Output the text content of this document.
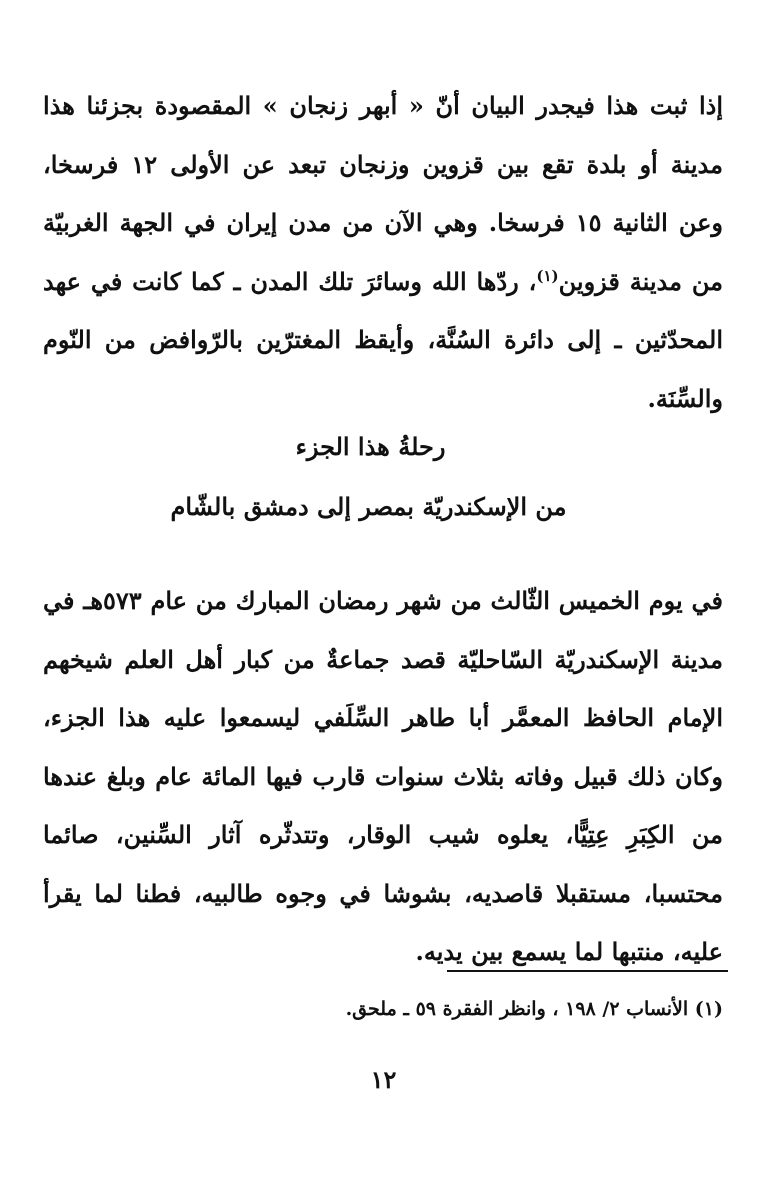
إذا ثبت هذا فيجدر البيان أنّ « أبهر زنجان » المقصودة بجزئنا هذا مدينة أو بلدة تقع بين قزوين وزنجان تبعد عن الأولى ١٢ فرسخا، وعن الثانية ١٥ فرسخا. وهي الآن من مدن إيران في الجهة الغربيّة من مدينة قزوين$^{(١)}$، ردّها الله وسائرَ تلك المدن ـ كما كانت في عهد المحدّثين ـ إلى دائرة السُنَّة، وأيقظ المغترّين بالرّوافض من النّوم والسِّنَة.

رحلةُ هذا الجزء

من الإسكندريّة بمصر إلى دمشق بالشّام

في يوم الخميس الثّالث من شهر رمضان المبارك من عام ٥٧٣هـ في مدينة الإسكندريّة السّاحليّة قصد جماعةٌ من كبار أهل العلم شيخهم الإمام الحافظ المعمَّر أبا طاهر السِّلَفي ليسمعوا عليه هذا الجزء، وكان ذلك قبيل وفاته بثلاث سنوات قارب فيها المائة عام وبلغ عندها من الكِبَرِ عِتِيًّا، يعلوه شيب الوقار، وتتدثّره آثار السِّنين، صائما محتسبا، مستقبلا قاصديه، بشوشا في وجوه طالبيه، فطنا لما يقرأ عليه، منتبها لما يسمع بين يديه.

(١) الأنساب ٢/ ١٩٨ ، وانظر الفقرة ٥٩ ـ ملحق.

١٢
